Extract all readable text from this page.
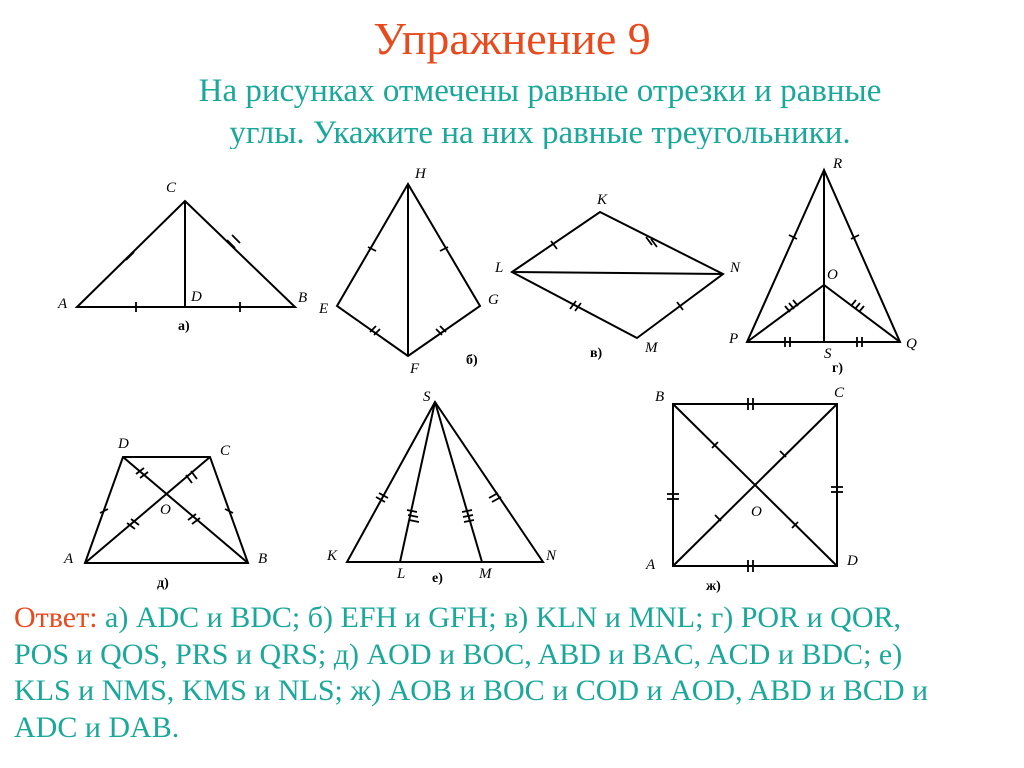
Упражнение 9
На рисунках отмечены равные отрезки и равные

углы. Укажите на них равные треугольники.
C
A	D	B
а)
H
E
G
F
б)
K
L	N
M
в)
R
O
P
S
Q
г)
D	C
O
A	B
д)
S
K
L	M
N
е)
B	C
O
A	D
ж)
Ответ: а) ADC и BDC; б) EFH и GFH; в) KLN и MNL; г) POR и QOR,
POS и QOS, PRS и QRS; д) AOD и BOC, ABD и BAC, ACD и BDC; е)
KLS и NMS, KMS и NLS; ж) AOB и BOC и COD и AOD, ABD и BCD и
ADC и DAB.
